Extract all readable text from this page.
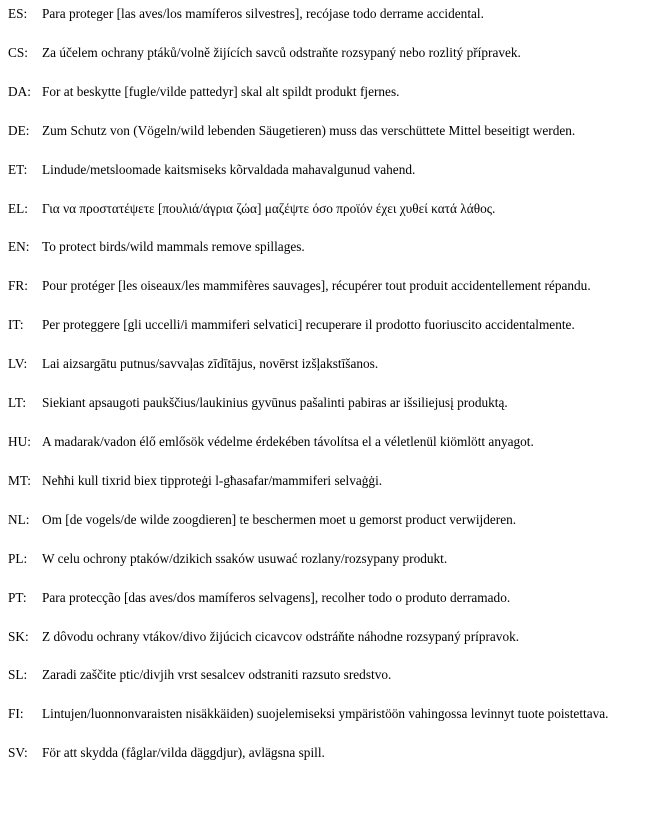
ES:	Para proteger [las aves/los mamíferos silvestres], recójase todo derrame accidental.
CS:	Za účelem ochrany ptáků/volně žijících savců odstraňte rozsypaný nebo rozlitý přípravek.
DA:	For at beskytte [fugle/vilde pattedyr] skal alt spildt produkt fjernes.
DE:	Zum Schutz von (Vögeln/wild lebenden Säugetieren) muss das verschüttete Mittel beseitigt werden.
ET:	Lindude/metsloomade kaitsmiseks kõrvaldada mahavalgunud vahend.
EL:	Για να προστατέψετε [πουλιά/άγρια ζώα] μαζέψτε όσο προϊόν έχει χυθεί κατά λάθος.
EN:	To protect birds/wild mammals remove spillages.
FR:	Pour protéger [les oiseaux/les mammifères sauvages], récupérer tout produit accidentellement répandu.
IT:	Per proteggere [gli uccelli/i mammiferi selvatici] recuperare il prodotto fuoriuscito accidentalmente.
LV:	Lai aizsargātu putnus/savvaļas zīdītājus, novērst izšļakstīšanos.
LT:	Siekiant apsaugoti paukščius/laukinius gyvūnus pašalinti pabiras ar išsiliejusį produktą.
HU:	A madarak/vadon élő emlősök védelme érdekében távolítsa el a véletlenül kiömlött anyagot.
MT:	Neħħi kull tixrid biex tipproteġi l-għasafar/mammiferi selvaġġi.
NL:	Om [de vogels/de wilde zoogdieren] te beschermen moet u gemorst product verwijderen.
PL:	W celu ochrony ptaków/dzikich ssaków usuwać rozlany/rozsypany produkt.
PT:	Para protecção [das aves/dos mamíferos selvagens], recolher todo o produto derramado.
SK:	Z dôvodu ochrany vtákov/divo žijúcich cicavcov odstráňte náhodne rozsypaný prípravok.
SL:	Zaradi zaščite ptic/divjih vrst sesalcev odstraniti razsuto sredstvo.
FI:	Lintujen/luonnonvaraisten nisäkkäiden) suojelemiseksi ympäristöön vahingossa levinnyt tuote poistettava.
SV:	För att skydda (fåglar/vilda däggdjur), avlägsna spill.
